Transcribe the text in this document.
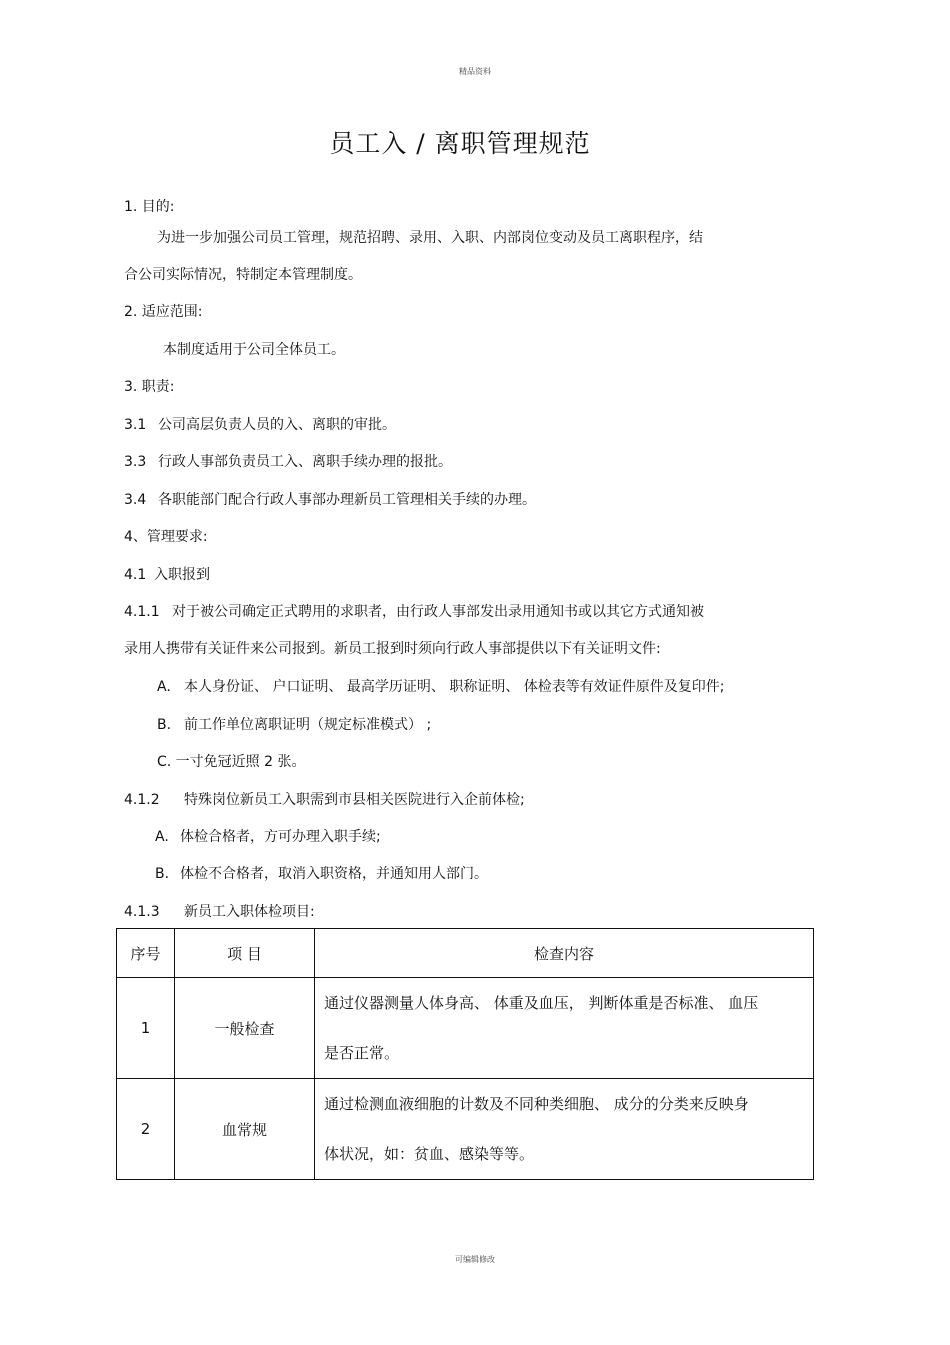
精品资料
员工入 / 离职管理规范
1. 目的:
为进一步加强公司员工管理，规范招聘、录用、入职、内部岗位变动及员工离职程序，结
合公司实际情况，特制定本管理制度。
2. 适应范围:
本制度适用于公司全体员工。
3. 职责:
3.1 公司高层负责人员的入、离职的审批。
3.3 行政人事部负责员工入、离职手续办理的报批。
3.4 各职能部门配合行政人事部办理新员工管理相关手续的办理。
4、管理要求:
4.1 入职报到
4.1.1 对于被公司确定正式聘用的求职者，由行政人事部发出录用通知书或以其它方式通知被
录用人携带有关证件来公司报到。新员工报到时须向行政人事部提供以下有关证明文件:
A. 本人身份证、 户口证明、 最高学历证明、 职称证明、 体检表等有效证件原件及复印件;
B. 前工作单位离职证明（规定标准模式） ;
C. 一寸免冠近照 2 张。
4.1.2 特殊岗位新员工入职需到市县相关医院进行入企前体检;
A. 体检合格者，方可办理入职手续;
B. 体检不合格者，取消入职资格，并通知用人部门。
4.1.3 新员工入职体检项目:
序号	项 目	检查内容
1	一般检查	通过仪器测量人体身高、 体重及血压， 判断体重是否标准、 血压
是否正常。

2	血常规	通过检测血液细胞的计数及不同种类细胞、 成分的分类来反映身
体状况，如：贫血、感染等等。
可编辑修改
